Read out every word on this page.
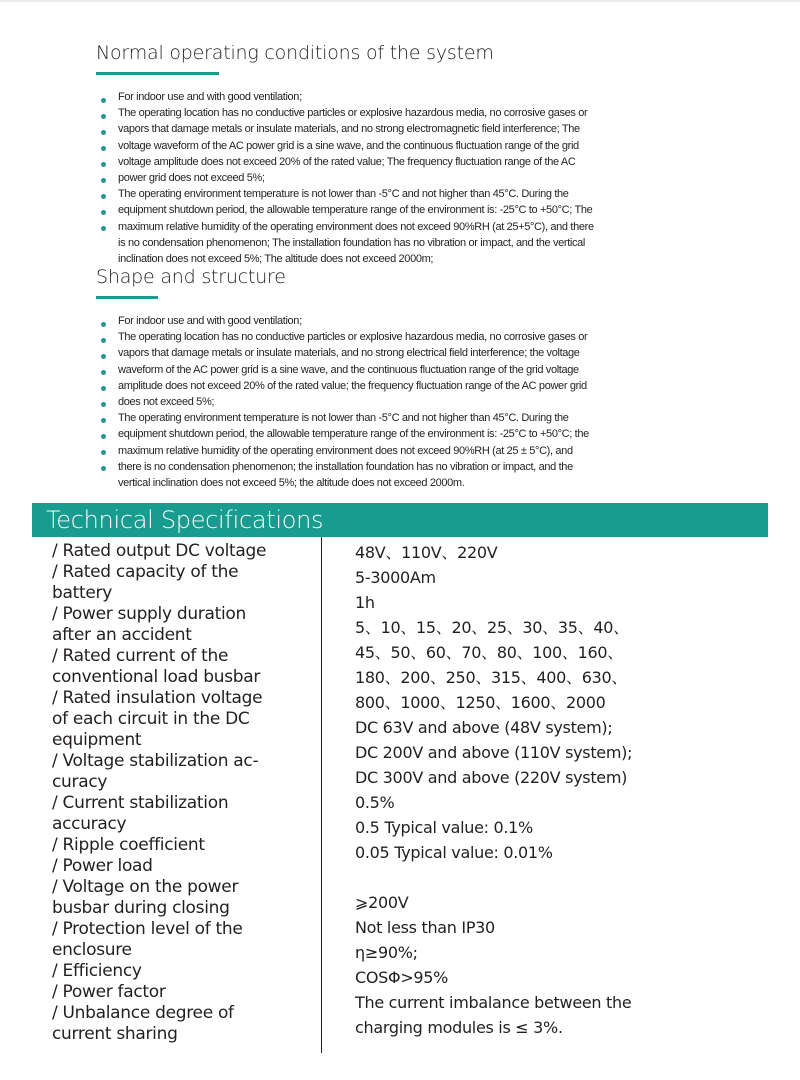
Normal operating conditions of the system
For indoor use and with good ventilation;
The operating location has no conductive particles or explosive hazardous media, no corrosive gases or
vapors that damage metals or insulate materials, and no strong electromagnetic field interference; The
voltage waveform of the AC power grid is a sine wave, and the continuous fluctuation range of the grid
voltage amplitude does not exceed 20% of the rated value; The frequency fluctuation range of the AC
power grid does not exceed 5%;
The operating environment temperature is not lower than -5°C and not higher than 45°C. During the
equipment shutdown period, the allowable temperature range of the environment is: -25°C to +50°C; The
maximum relative humidity of the operating environment does not exceed 90%RH (at 25+5°C), and there
is no condensation phenomenon; The installation foundation has no vibration or impact, and the vertical
inclination does not exceed 5%; The altitude does not exceed 2000m;
Shape and structure
For indoor use and with good ventilation;
The operating location has no conductive particles or explosive hazardous media, no corrosive gases or
vapors that damage metals or insulate materials, and no strong electrical field interference; the voltage
waveform of the AC power grid is a sine wave, and the continuous fluctuation range of the grid voltage
amplitude does not exceed 20% of the rated value; the frequency fluctuation range of the AC power grid
does not exceed 5%;
The operating environment temperature is not lower than -5°C and not higher than 45°C. During the
equipment shutdown period, the allowable temperature range of the environment is: -25°C to +50°C; the
maximum relative humidity of the operating environment does not exceed 90%RH (at 25 ± 5°C), and
there is no condensation phenomenon; the installation foundation has no vibration or impact, and the
vertical inclination does not exceed 5%; the altitude does not exceed 2000m.
Technical Specifications
/ Rated output DC voltage
/ Rated capacity of the
battery
/ Power supply duration
after an accident
/ Rated current of the
conventional load busbar
/ Rated insulation voltage
of each circuit in the DC
equipment
/ Voltage stabilization ac-
curacy
/ Current stabilization
accuracy
/ Ripple coefficient
/ Power load
/ Voltage on the power
busbar during closing
/ Protection level of the
enclosure
/ Efficiency
/ Power factor
/ Unbalance degree of
current sharing
48V、110V、220V
5-3000Am
1h
5、10、15、20、25、30、35、40、
45、50、60、70、80、100、160、
180、200、250、315、400、630、
800、1000、1250、1600、2000
DC 63V and above (48V system);
DC 200V and above (110V system);
DC 300V and above (220V system)
0.5%
0.5 Typical value: 0.1%
0.05 Typical value: 0.01%
⩾200V
Not less than IP30
η≥90%;
COSΦ>95%
The current imbalance between the
charging modules is ≤ 3%.
